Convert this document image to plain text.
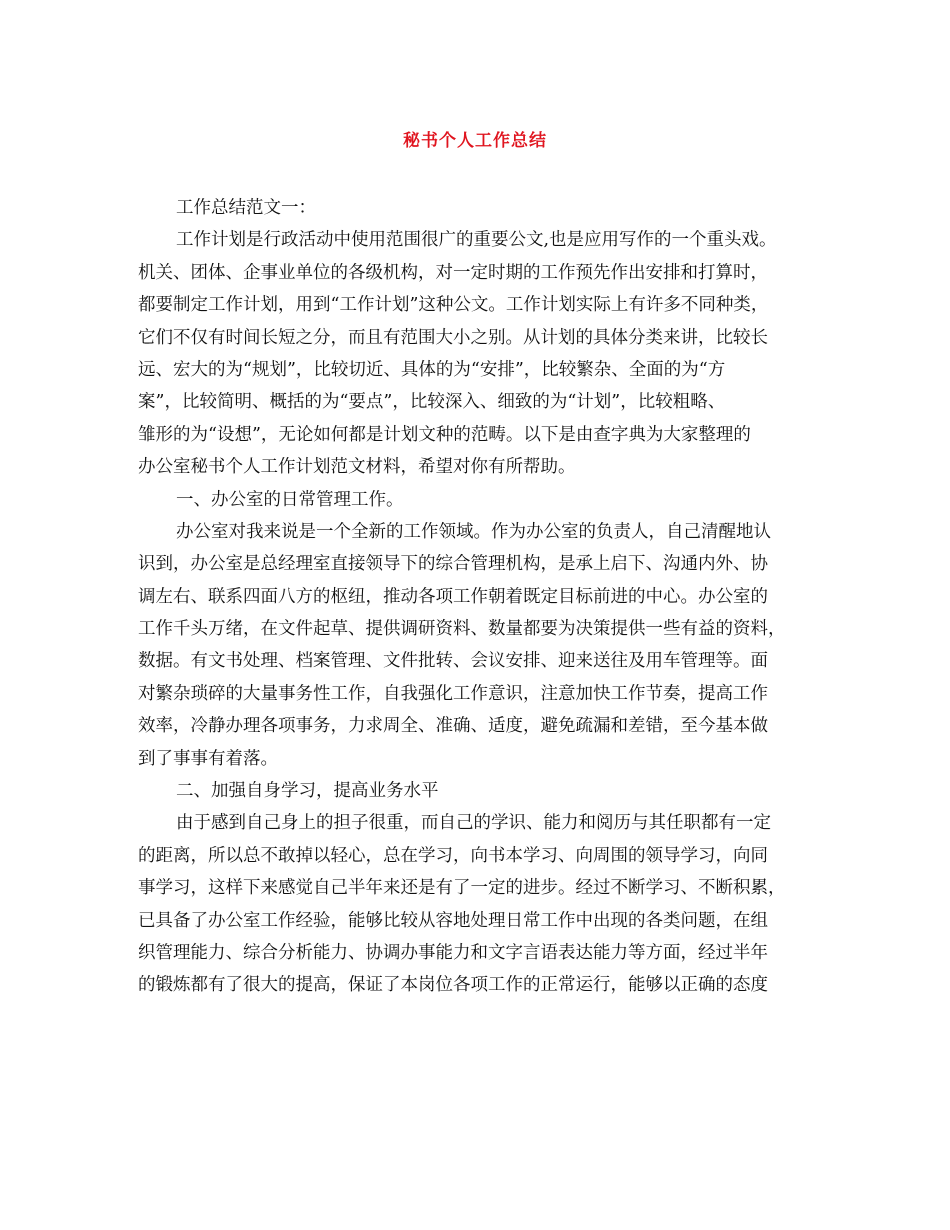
秘书个人工作总结
工作总结范文一：
工作计划是行政活动中使用范围很广的重要公文,也是应用写作的一个重头戏。
机关、团体、企事业单位的各级机构，对一定时期的工作预先作出安排和打算时，
都要制定工作计划，用到“工作计划”这种公文。工作计划实际上有许多不同种类，
它们不仅有时间长短之分，而且有范围大小之别。从计划的具体分类来讲，比较长
远、宏大的为“规划”，比较切近、具体的为“安排”，比较繁杂、全面的为“方
案”，比较简明、概括的为“要点”，比较深入、细致的为“计划”，比较粗略、
雏形的为“设想”，无论如何都是计划文种的范畴。以下是由查字典为大家整理的
办公室秘书个人工作计划范文材料，希望对你有所帮助。
一、办公室的日常管理工作。
办公室对我来说是一个全新的工作领域。作为办公室的负责人，自己清醒地认
识到，办公室是总经理室直接领导下的综合管理机构，是承上启下、沟通内外、协
调左右、联系四面八方的枢纽，推动各项工作朝着既定目标前进的中心。办公室的
工作千头万绪，在文件起草、提供调研资料、数量都要为决策提供一些有益的资料，
数据。有文书处理、档案管理、文件批转、会议安排、迎来送往及用车管理等。面
对繁杂琐碎的大量事务性工作，自我强化工作意识，注意加快工作节奏，提高工作
效率，冷静办理各项事务，力求周全、准确、适度，避免疏漏和差错，至今基本做
到了事事有着落。
二、加强自身学习，提高业务水平
由于感到自己身上的担子很重，而自己的学识、能力和阅历与其任职都有一定
的距离，所以总不敢掉以轻心，总在学习，向书本学习、向周围的领导学习，向同
事学习，这样下来感觉自己半年来还是有了一定的进步。经过不断学习、不断积累，
已具备了办公室工作经验，能够比较从容地处理日常工作中出现的各类问题，在组
织管理能力、综合分析能力、协调办事能力和文字言语表达能力等方面，经过半年
的锻炼都有了很大的提高，保证了本岗位各项工作的正常运行，能够以正确的态度
